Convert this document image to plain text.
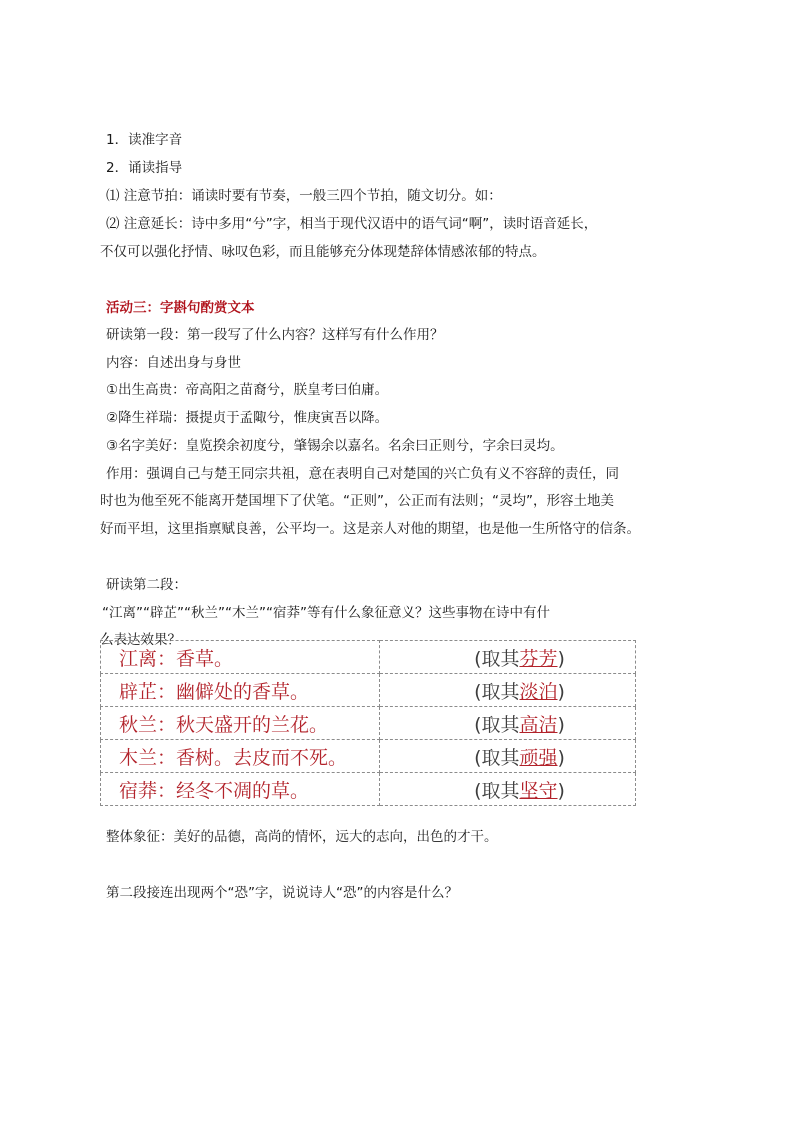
1．读准字音
2．诵读指导
⑴ 注意节拍：诵读时要有节奏，一般三四个节拍，随文切分。如：
⑵ 注意延长：诗中多用“兮”字，相当于现代汉语中的语气词“啊”，读时语音延长，
不仅可以强化抒情、咏叹色彩，而且能够充分体现楚辞体情感浓郁的特点。
活动三：字斟句酌赏文本
研读第一段：第一段写了什么内容？这样写有什么作用？
内容：自述出身与身世
①出生高贵：帝高阳之苗裔兮，朕皇考曰伯庸。
②降生祥瑞：摄提贞于孟陬兮，惟庚寅吾以降。
③名字美好：皇览揆余初度兮，肇锡余以嘉名。名余曰正则兮，字余曰灵均。
作用：强调自己与楚王同宗共祖，意在表明自己对楚国的兴亡负有义不容辞的责任，同
时也为他至死不能离开楚国埋下了伏笔。“正则”，公正而有法则；“灵均”，形容土地美
好而平坦，这里指禀赋良善，公平均一。这是亲人对他的期望，也是他一生所恪守的信条。
研读第二段：
“江离”“辟芷”“秋兰”“木兰”“宿莽”等有什么象征意义？这些事物在诗中有什
么表达效果？
江离：香草。	(取其芬芳)
辟芷：幽僻处的香草。	(取其淡泊)
秋兰：秋天盛开的兰花。	(取其高洁)
木兰：香树。去皮而不死。	(取其顽强)
宿莽：经冬不凋的草。	(取其坚守)
整体象征：美好的品德，高尚的情怀，远大的志向，出色的才干。
第二段接连出现两个“恐”字，说说诗人“恐”的内容是什么？
